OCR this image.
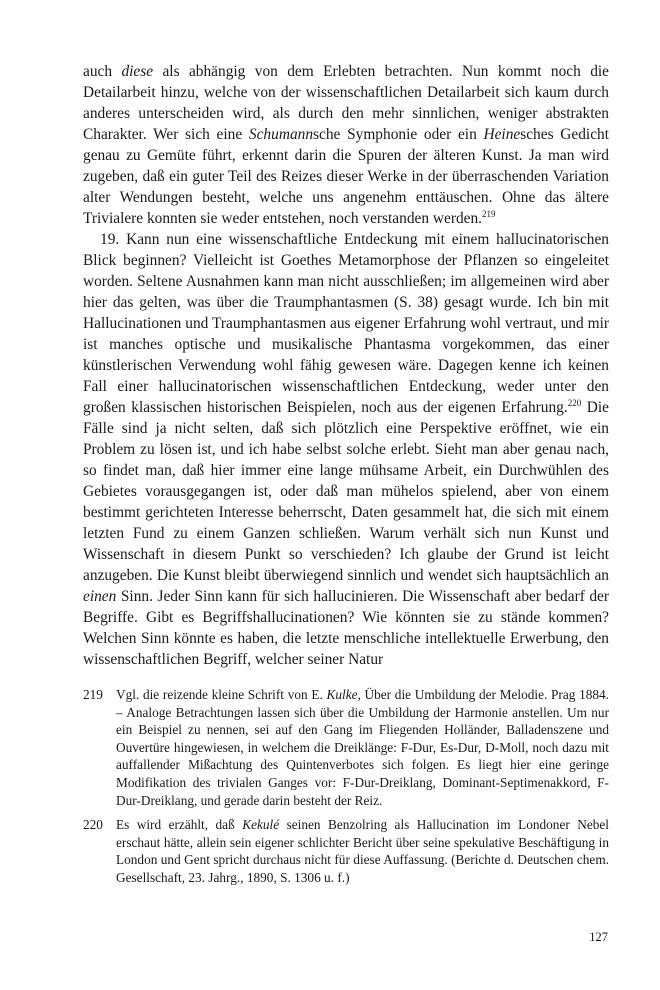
auch diese als abhängig von dem Erlebten betrachten. Nun kommt noch die Detailarbeit hinzu, welche von der wissenschaftlichen Detailarbeit sich kaum durch anderes unterscheiden wird, als durch den mehr sinnlichen, weniger abstrakten Charakter. Wer sich eine Schumannsche Symphonie oder ein Heinesches Gedicht genau zu Gemüte führt, erkennt darin die Spuren der älteren Kunst. Ja man wird zugeben, daß ein guter Teil des Reizes dieser Werke in der überraschenden Variation alter Wendungen besteht, welche uns angenehm enttäuschen. Ohne das ältere Trivialere konnten sie weder entstehen, noch verstanden werden.$^{219}$

19. Kann nun eine wissenschaftliche Entdeckung mit einem hallucinatorischen Blick beginnen? Vielleicht ist Goethes Metamorphose der Pflanzen so eingeleitet worden. Seltene Ausnahmen kann man nicht ausschließen; im allgemeinen wird aber hier das gelten, was über die Traumphantasmen (S. 38) gesagt wurde. Ich bin mit Hallucinationen und Traumphantasmen aus eigener Erfahrung wohl vertraut, und mir ist manches optische und musikalische Phantasma vorgekommen, das einer künstlerischen Verwendung wohl fähig gewesen wäre. Dagegen kenne ich keinen Fall einer hallucinatorischen wissenschaftlichen Entdeckung, weder unter den großen klassischen historischen Beispielen, noch aus der eigenen Erfahrung.$^{220}$ Die Fälle sind ja nicht selten, daß sich plötzlich eine Perspektive eröffnet, wie ein Problem zu lösen ist, und ich habe selbst solche erlebt. Sieht man aber genau nach, so findet man, daß hier immer eine lange mühsame Arbeit, ein Durchwühlen des Gebietes vorausgegangen ist, oder daß man mühelos spielend, aber von einem bestimmt gerichteten Interesse beherrscht, Daten gesammelt hat, die sich mit einem letzten Fund zu einem Ganzen schließen. Warum verhält sich nun Kunst und Wissenschaft in diesem Punkt so verschieden? Ich glaube der Grund ist leicht anzugeben. Die Kunst bleibt überwiegend sinnlich und wendet sich hauptsächlich an einen Sinn. Jeder Sinn kann für sich hallucinieren. Die Wissenschaft aber bedarf der Begriffe. Gibt es Begriffshallucinationen? Wie könnten sie zu stände kommen? Welchen Sinn könnte es haben, die letzte menschliche intellektuelle Erwerbung, den wissenschaftlichen Begriff, welcher seiner Natur

219 Vgl. die reizende kleine Schrift von E. Kulke, Über die Umbildung der Melodie. Prag 1884. – Analoge Betrachtungen lassen sich über die Umbildung der Harmonie anstellen. Um nur ein Beispiel zu nennen, sei auf den Gang im Fliegenden Holländer, Balladenszene und Ouvertüre hingewiesen, in welchem die Dreiklänge: F-Dur, Es-Dur, D-Moll, noch dazu mit auffallender Mißachtung des Quintenverbotes sich folgen. Es liegt hier eine geringe Modifikation des trivialen Ganges vor: F-Dur-Dreiklang, Dominant-Septimenakkord, F-Dur-Dreiklang, und gerade darin besteht der Reiz.
220 Es wird erzählt, daß Kekulé seinen Benzolring als Hallucination im Londoner Nebel erschaut hätte, allein sein eigener schlichter Bericht über seine spekulative Beschäftigung in London und Gent spricht durchaus nicht für diese Auffassung. (Berichte d. Deutschen chem. Gesellschaft, 23. Jahrg., 1890, S. 1306 u. f.)
127
